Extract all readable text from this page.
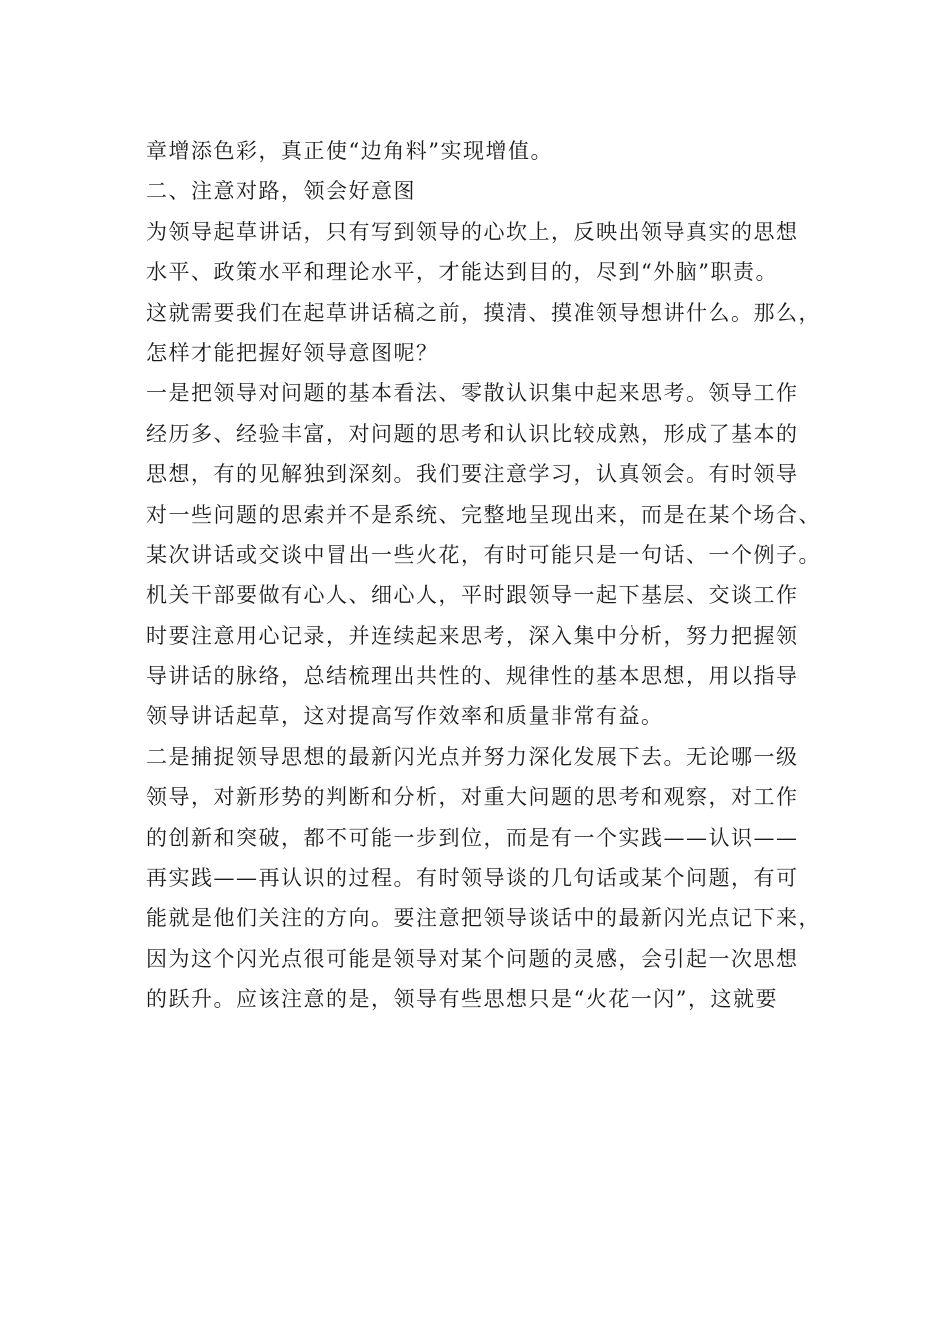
章增添色彩，真正使“边角料”实现增值。
二、注意对路，领会好意图
为领导起草讲话，只有写到领导的心坎上，反映出领导真实的思想
水平、政策水平和理论水平，才能达到目的，尽到“外脑”职责。
这就需要我们在起草讲话稿之前，摸清、摸准领导想讲什么。那么，
怎样才能把握好领导意图呢？
一是把领导对问题的基本看法、零散认识集中起来思考。领导工作
经历多、经验丰富，对问题的思考和认识比较成熟，形成了基本的
思想，有的见解独到深刻。我们要注意学习，认真领会。有时领导
对一些问题的思索并不是系统、完整地呈现出来，而是在某个场合、
某次讲话或交谈中冒出一些火花，有时可能只是一句话、一个例子。
机关干部要做有心人、细心人，平时跟领导一起下基层、交谈工作
时要注意用心记录，并连续起来思考，深入集中分析，努力把握领
导讲话的脉络，总结梳理出共性的、规律性的基本思想，用以指导
领导讲话起草，这对提高写作效率和质量非常有益。
二是捕捉领导思想的最新闪光点并努力深化发展下去。无论哪一级
领导，对新形势的判断和分析，对重大问题的思考和观察，对工作
的创新和突破，都不可能一步到位，而是有一个实践——认识——
再实践——再认识的过程。有时领导谈的几句话或某个问题，有可
能就是他们关注的方向。要注意把领导谈话中的最新闪光点记下来，
因为这个闪光点很可能是领导对某个问题的灵感，会引起一次思想
的跃升。应该注意的是，领导有些思想只是“火花一闪”，这就要
